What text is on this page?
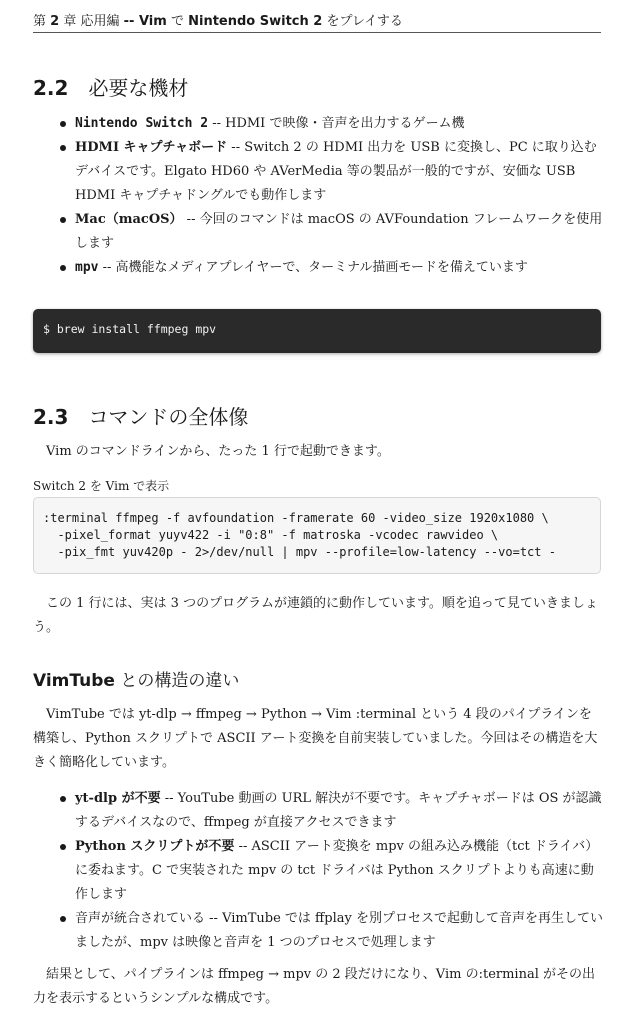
第 2 章 応用編 -- Vim で Nintendo Switch 2 をプレイする
2.2 必要な機材
Nintendo Switch 2 -- HDMI で映像・音声を出力するゲーム機
HDMI キャプチャボード -- Switch 2 の HDMI 出力を USB に変換し、PC に取り込むデバイスです。Elgato HD60 や AVerMedia 等の製品が一般的ですが、安価な USB HDMI キャプチャドングルでも動作します
Mac（macOS） -- 今回のコマンドは macOS の AVFoundation フレームワークを使用します
mpv -- 高機能なメディアプレイヤーで、ターミナル描画モードを備えています
$ brew install ffmpeg mpv
2.3 コマンドの全体像

Vim のコマンドラインから、たった 1 行で起動できます。

Switch 2 を Vim で表示

:terminal ffmpeg -f avfoundation -framerate 60 -video_size 1920x1080 \
-pixel_format yuyv422 -i "0:8" -f matroska -vcodec rawvideo \
-pix_fmt yuv420p - 2>/dev/null | mpv --profile=low-latency --vo=tct -

この 1 行には、実は 3 つのプログラムが連鎖的に動作しています。順を追って見ていきましょう。

VimTube との構造の違い

VimTube では yt-dlp → ffmpeg → Python → Vim :terminal という 4 段のパイプラインを構築し、Python スクリプトで ASCII アート変換を自前実装していました。今回はその構造を大きく簡略化しています。

yt-dlp が不要 -- YouTube 動画の URL 解決が不要です。キャプチャボードは OS が認識するデバイスなので、ffmpeg が直接アクセスできます
Python スクリプトが不要 -- ASCII アート変換を mpv の組み込み機能（tct ドライバ）に委ねます。C で実装された mpv の tct ドライバは Python スクリプトよりも高速に動作します
音声が統合されている -- VimTube では ffplay を別プロセスで起動して音声を再生していましたが、mpv は映像と音声を 1 つのプロセスで処理します

結果として、パイプラインは ffmpeg → mpv の 2 段だけになり、Vim の:terminal がその出力を表示するというシンプルな構成です。
